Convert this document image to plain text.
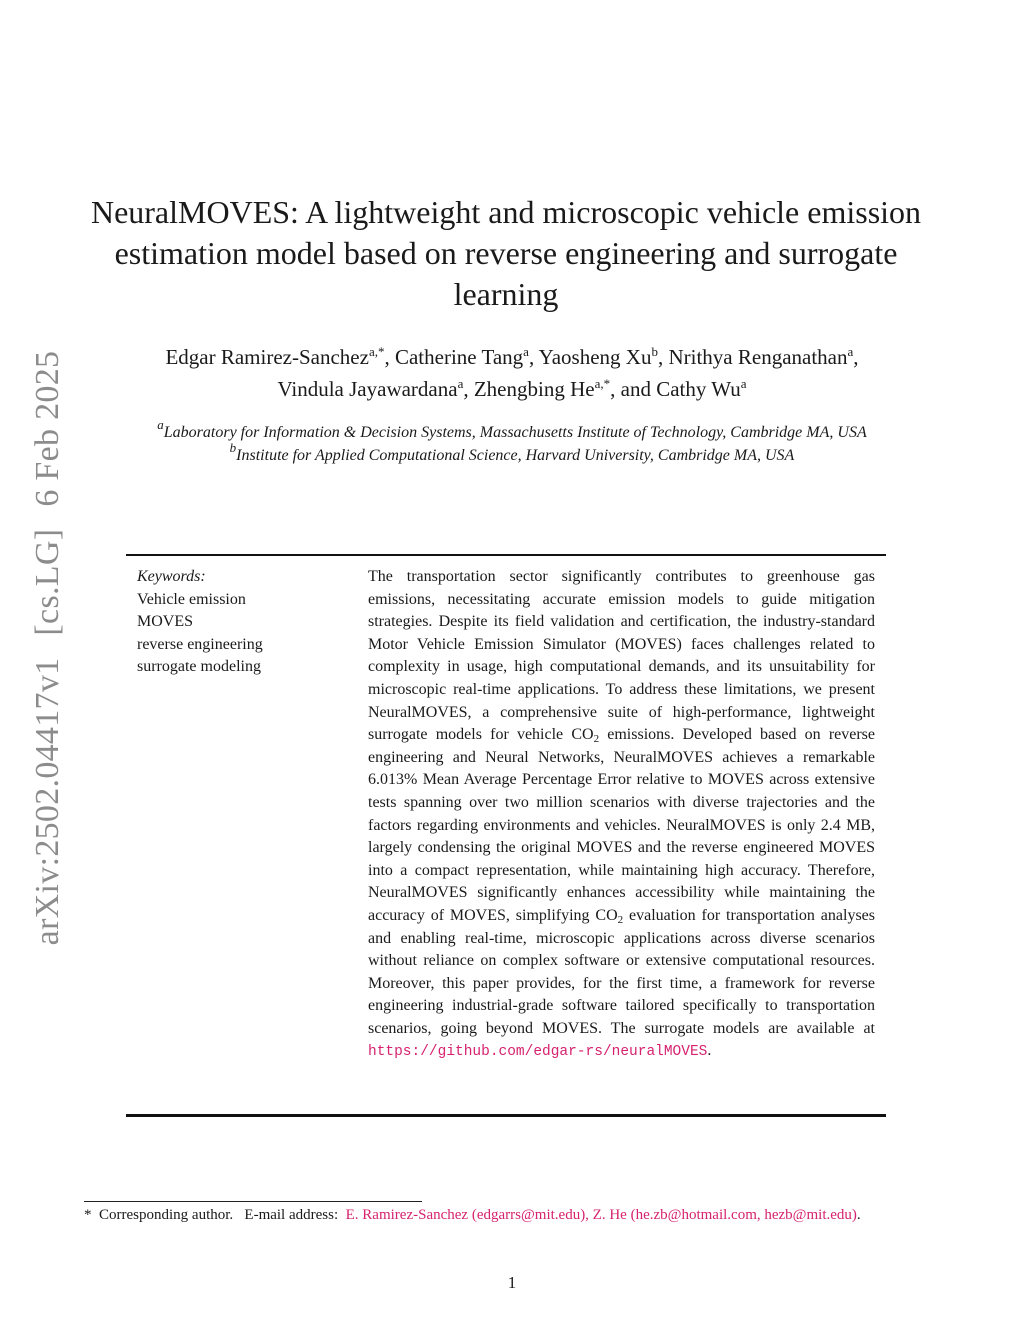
arXiv:2502.04417v1[cs.LG]6 Feb 2025
NeuralMOVES: A lightweight and microscopic vehicle emission estimation model based on reverse engineering and surrogate learning
Edgar Ramirez-Sanchez$^{a,*}$, Catherine Tang$^a$, Yaosheng Xu$^b$, Nrithya Renganathan$^a$,
Vindula Jayawardana$^a$, Zhengbing $He^{a,*}$, and Cathy Wu$^a$
$^a$Laboratory for Information & Decision Systems, Massachusetts Institute of Technology, Cambridge MA, USA
$^b$Institute for Applied Computational Science, Harvard University, Cambridge MA, USA
Keywords:
Vehicle emission
MOVES
reverse engineering
surrogate modeling

The transportation sector significantly contributes to greenhouse gas emissions, necessitating accurate emission models to guide mitigation strategies. Despite its field validation and certification, the industry-standard Motor Vehicle Emission Simulator (MOVES) faces challenges related to complexity in usage, high computational demands, and its unsuitability for microscopic real-time applications. To address these limitations, we present NeuralMOVES, a comprehensive suite of high-performance, lightweight surrogate models for vehicle $CO_2$ emissions. Developed based on reverse engineering and Neural Networks, NeuralMOVES achieves a remarkable 6.013% Mean Average Percentage Error relative to MOVES across extensive tests spanning over two million scenarios with diverse trajectories and the factors regarding environments and vehicles. NeuralMOVES is only 2.4 MB, largely condensing the original MOVES and the reverse engineered MOVES into a compact representation, while maintaining high accuracy. Therefore, NeuralMOVES significantly enhances accessibility while maintaining the accuracy of MOVES, simplifying $CO_2$ evaluation for transportation analyses and enabling real-time, microscopic applications across diverse scenarios without reliance on complex software or extensive computational resources. Moreover, this paper provides, for the first time, a framework for reverse engineering industrial-grade software tailored specifically to transportation scenarios, going beyond MOVES. The surrogate models are available at https://github.com/edgar-rs/neuralMOVES.

* Corresponding author. E-mail address: E. Ramirez-Sanchez (edgarrs@mit.edu), Z. He (he.zb@hotmail.com, hezb@mit.edu).
1
